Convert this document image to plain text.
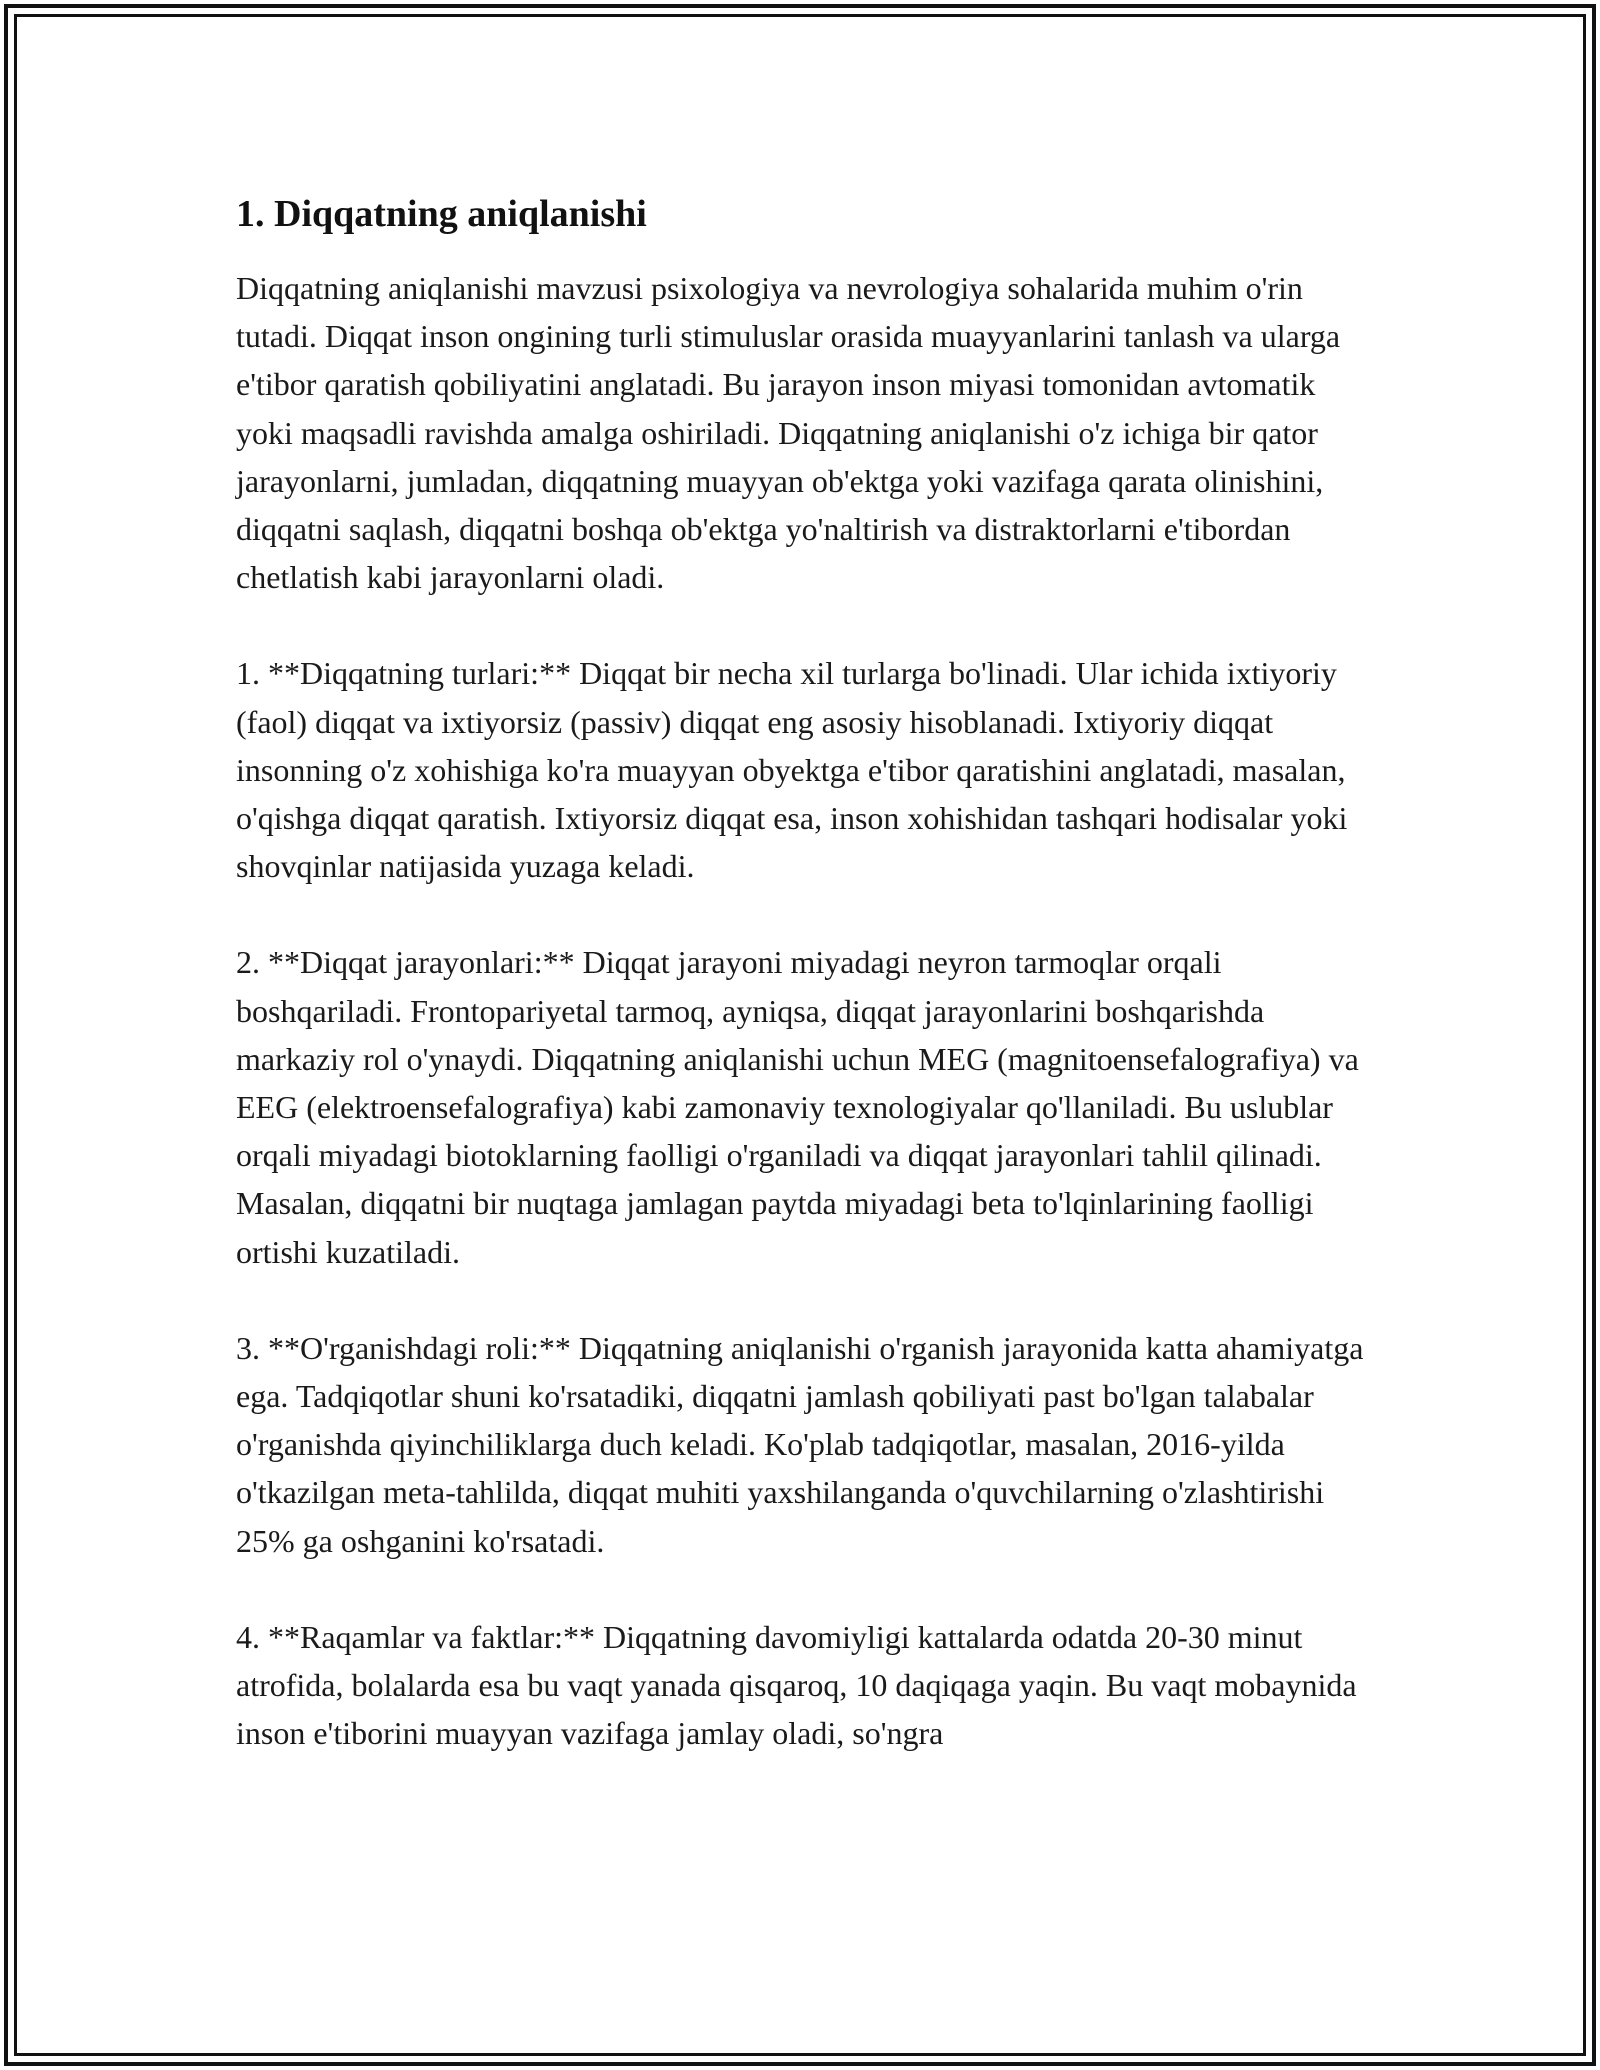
1. Diqqatning aniqlanishi

Diqqatning aniqlanishi mavzusi psixologiya va nevrologiya sohalarida muhim o'rin tutadi. Diqqat inson ongining turli stimuluslar orasida muayyanlarini tanlash va ularga e'tibor qaratish qobiliyatini anglatadi. Bu jarayon inson miyasi tomonidan avtomatik yoki maqsadli ravishda amalga oshiriladi. Diqqatning aniqlanishi o'z ichiga bir qator jarayonlarni, jumladan, diqqatning muayyan ob'ektga yoki vazifaga qarata olinishini, diqqatni saqlash, diqqatni boshqa ob'ektga yo'naltirish va distraktorlarni e'tibordan chetlatish kabi jarayonlarni oladi.

1. **Diqqatning turlari:** Diqqat bir necha xil turlarga bo'linadi. Ular ichida ixtiyoriy (faol) diqqat va ixtiyorsiz (passiv) diqqat eng asosiy hisoblanadi. Ixtiyoriy diqqat insonning o'z xohishiga ko'ra muayyan obyektga e'tibor qaratishini anglatadi, masalan, o'qishga diqqat qaratish. Ixtiyorsiz diqqat esa, inson xohishidan tashqari hodisalar yoki shovqinlar natijasida yuzaga keladi.

2. **Diqqat jarayonlari:** Diqqat jarayoni miyadagi neyron tarmoqlar orqali boshqariladi. Frontopariyetal tarmoq, ayniqsa, diqqat jarayonlarini boshqarishda markaziy rol o'ynaydi. Diqqatning aniqlanishi uchun MEG (magnitoensefalografiya) va EEG (elektroensefalografiya) kabi zamonaviy texnologiyalar qo'llaniladi. Bu uslublar orqali miyadagi biotoklarning faolligi o'rganiladi va diqqat jarayonlari tahlil qilinadi. Masalan, diqqatni bir nuqtaga jamlagan paytda miyadagi beta to'lqinlarining faolligi ortishi kuzatiladi.

3. **O'rganishdagi roli:** Diqqatning aniqlanishi o'rganish jarayonida katta ahamiyatga ega. Tadqiqotlar shuni ko'rsatadiki, diqqatni jamlash qobiliyati past bo'lgan talabalar o'rganishda qiyinchiliklarga duch keladi. Ko'plab tadqiqotlar, masalan, 2016-yilda o'tkazilgan meta-tahlilda, diqqat muhiti yaxshilanganda o'quvchilarning o'zlashtirishi 25% ga oshganini ko'rsatadi.

4. **Raqamlar va faktlar:** Diqqatning davomiyligi kattalarda odatda 20-30 minut atrofida, bolalarda esa bu vaqt yanada qisqaroq, 10 daqiqaga yaqin. Bu vaqt mobaynida inson e'tiborini muayyan vazifaga jamlay oladi, so'ngra
